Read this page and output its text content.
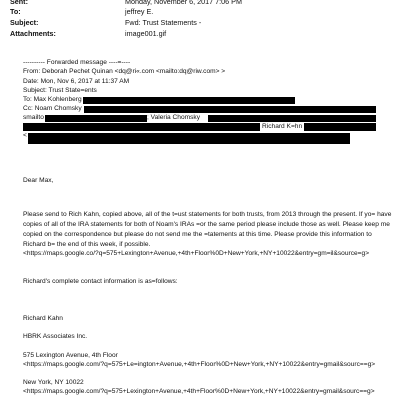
Sent:	Monday, November 6, 2017 7:06 PM
To:	jeffrey E.
Subject:	Fwd: Trust Statements -
Attachments:	image001.gif
---------- Forwarded message ----=----
From: Deborah Pechet Quinan <dq@ri«.com <mailto:dq@riw.com> >
Date: Mon, Nov 6, 2017 at 11:37 AM
Subject: Trust State=ents
To: Max Kohlenberg
Cc: Noam Chomsky
smailto	; Valeria Chomsky
Richard K=hn
<
Dear Max,
Please send to Rich Kahn, copied above, all of the t=ust statements for both trusts, from 2013 through the present. If yo= have copies of all of the IRA statements for both of Noam's IRAs =or the same period please include those as well. Please keep me copied on the correspondence but please do not send me the =tatements at this time. Please provide this information to Richard b= the end of this week, if possible.
<https://maps.google.co/?q=575+Lexington+Avenue,+4th+Floor%0D+New+York,+NY+10022&entry=gm=il&source=g>
Richard's complete contact information is as=follows:
Richard Kahn
HBRK Associates Inc.
575 Lexington Avenue, 4th Floor
<https://maps.google.com/?q=575+Le=ington+Avenue,+4th+Floor%0D+New+York,+NY+10022&entry=gmail&sourc==g>
New York, NY 10022
<https://maps.google.com/?q=575+Lexington+Avenue,+4th+Floor%0D+New+York,+NY+10022&entry=gmail&sourc==g>
